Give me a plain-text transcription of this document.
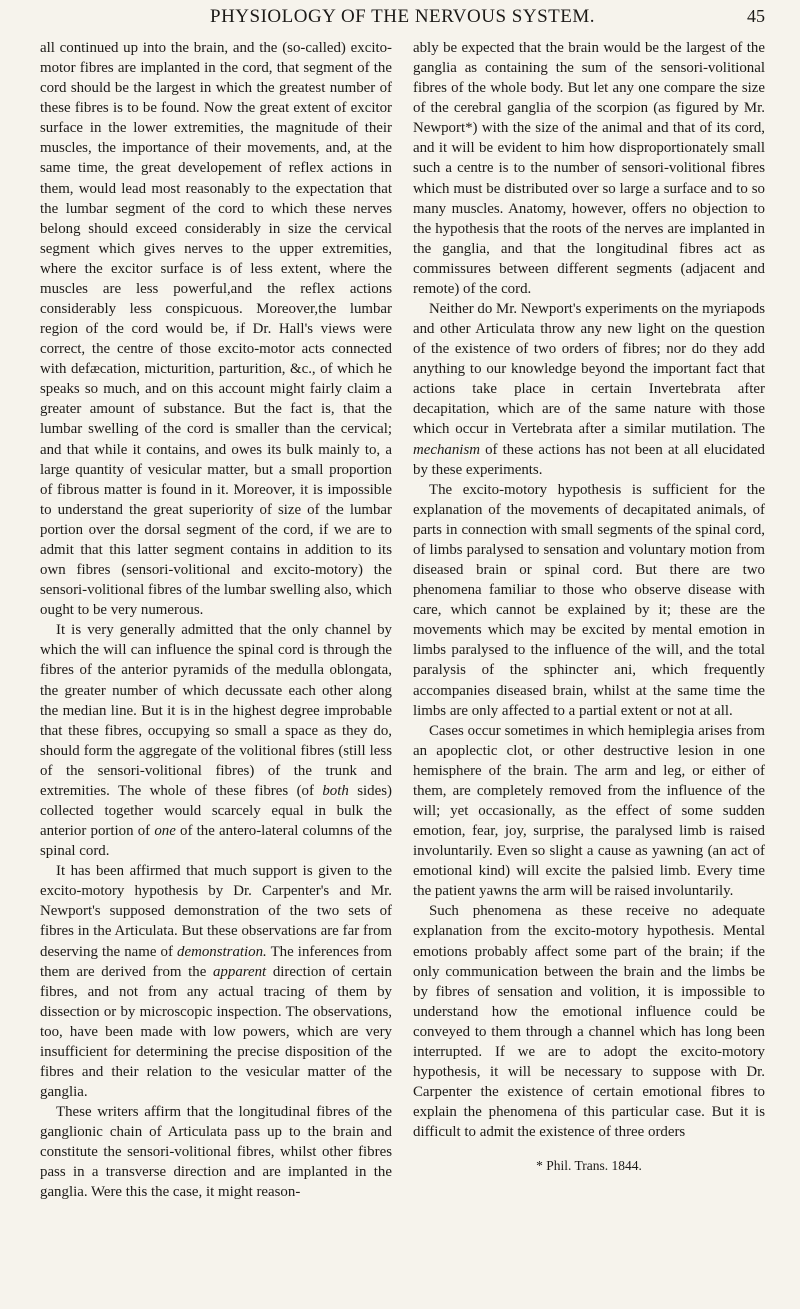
PHYSIOLOGY OF THE NERVOUS SYSTEM.	45

all continued up into the brain, and the (so-called) excito-motor fibres are implanted in the cord, that segment of the cord should be the largest in which the greatest number of these fibres is to be found. Now the great extent of excitor surface in the lower extremities, the magnitude of their muscles, the importance of their movements, and, at the same time, the great developement of reflex actions in them, would lead most reasonably to the expectation that the lumbar segment of the cord to which these nerves belong should exceed considerably in size the cervical segment which gives nerves to the upper extremities, where the excitor surface is of less extent, where the muscles are less powerful,and the reflex actions considerably less conspicuous. Moreover,the lumbar region of the cord would be, if Dr. Hall's views were correct, the centre of those excito-motor acts connected with defæcation, micturition, parturition, &c., of which he speaks so much, and on this account might fairly claim a greater amount of substance. But the fact is, that the lumbar swelling of the cord is smaller than the cervical; and that while it contains, and owes its bulk mainly to, a large quantity of vesicular matter, but a small proportion of fibrous matter is found in it. Moreover, it is impossible to understand the great superiority of size of the lumbar portion over the dorsal segment of the cord, if we are to admit that this latter segment contains in addition to its own fibres (sensori-volitional and excito-motory) the sensori-volitional fibres of the lumbar swelling also, which ought to be very numerous.

It is very generally admitted that the only channel by which the will can influence the spinal cord is through the fibres of the anterior pyramids of the medulla oblongata, the greater number of which decussate each other along the median line. But it is in the highest degree improbable that these fibres, occupying so small a space as they do, should form the aggregate of the volitional fibres (still less of the sensori-volitional fibres) of the trunk and extremities. The whole of these fibres (of both sides) collected together would scarcely equal in bulk the anterior portion of one of the antero-lateral columns of the spinal cord.

It has been affirmed that much support is given to the excito-motory hypothesis by Dr. Carpenter's and Mr. Newport's supposed demonstration of the two sets of fibres in the Articulata. But these observations are far from deserving the name of demonstration. The inferences from them are derived from the apparent direction of certain fibres, and not from any actual tracing of them by dissection or by microscopic inspection. The observations, too, have been made with low powers, which are very insufficient for determining the precise disposition of the fibres and their relation to the vesicular matter of the ganglia.

These writers affirm that the longitudinal fibres of the ganglionic chain of Articulata pass up to the brain and constitute the sensori-volitional fibres, whilst other fibres pass in a transverse direction and are implanted in the ganglia. Were this the case, it might reason-

ably be expected that the brain would be the largest of the ganglia as containing the sum of the sensori-volitional fibres of the whole body. But let any one compare the size of the cerebral ganglia of the scorpion (as figured by Mr. Newport*) with the size of the animal and that of its cord, and it will be evident to him how disproportionately small such a centre is to the number of sensori-volitional fibres which must be distributed over so large a surface and to so many muscles. Anatomy, however, offers no objection to the hypothesis that the roots of the nerves are implanted in the ganglia, and that the longitudinal fibres act as commissures between different segments (adjacent and remote) of the cord.

Neither do Mr. Newport's experiments on the myriapods and other Articulata throw any new light on the question of the existence of two orders of fibres; nor do they add anything to our knowledge beyond the important fact that actions take place in certain Invertebrata after decapitation, which are of the same nature with those which occur in Vertebrata after a similar mutilation. The mechanism of these actions has not been at all elucidated by these experiments.

The excito-motory hypothesis is sufficient for the explanation of the movements of decapitated animals, of parts in connection with small segments of the spinal cord, of limbs paralysed to sensation and voluntary motion from diseased brain or spinal cord. But there are two phenomena familiar to those who observe disease with care, which cannot be explained by it; these are the movements which may be excited by mental emotion in limbs paralysed to the influence of the will, and the total paralysis of the sphincter ani, which frequently accompanies diseased brain, whilst at the same time the limbs are only affected to a partial extent or not at all.

Cases occur sometimes in which hemiplegia arises from an apoplectic clot, or other destructive lesion in one hemisphere of the brain. The arm and leg, or either of them, are completely removed from the influence of the will; yet occasionally, as the effect of some sudden emotion, fear, joy, surprise, the paralysed limb is raised involuntarily. Even so slight a cause as yawning (an act of emotional kind) will excite the palsied limb. Every time the patient yawns the arm will be raised involuntarily.

Such phenomena as these receive no adequate explanation from the excito-motory hypothesis. Mental emotions probably affect some part of the brain; if the only communication between the brain and the limbs be by fibres of sensation and volition, it is impossible to understand how the emotional influence could be conveyed to them through a channel which has long been interrupted. If we are to adopt the excito-motory hypothesis, it will be necessary to suppose with Dr. Carpenter the existence of certain emotional fibres to explain the phenomena of this particular case. But it is difficult to admit the existence of three orders

* Phil. Trans. 1844.
